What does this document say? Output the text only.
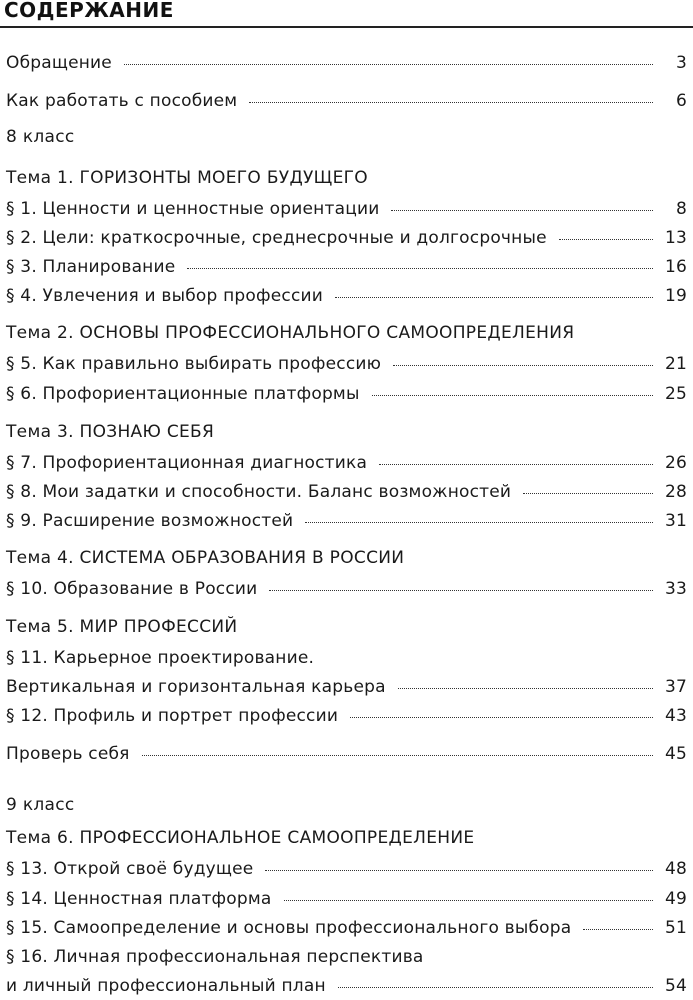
СОДЕРЖАНИЕ
Обращение	3
Как работать с пособием	6
8 класс
Тема 1. ГОРИЗОНТЫ МОЕГО БУДУЩЕГО
§ 1. Ценности и ценностные ориентации	8
§ 2. Цели: краткосрочные, среднесрочные и долгосрочные	13
§ 3. Планирование	16
§ 4. Увлечения и выбор профессии	19
Тема 2. ОСНОВЫ ПРОФЕССИОНАЛЬНОГО САМООПРЕДЕЛЕНИЯ
§ 5. Как правильно выбирать профессию	21
§ 6. Профориентационные платформы	25
Тема 3. ПОЗНАЮ СЕБЯ
§ 7. Профориентационная диагностика	26
§ 8. Мои задатки и способности. Баланс возможностей	28
§ 9. Расширение возможностей	31
Тема 4. СИСТЕМА ОБРАЗОВАНИЯ В РОССИИ
§ 10. Образование в России	33
Тема 5. МИР ПРОФЕССИЙ
§ 11. Карьерное проектирование.
Вертикальная и горизонтальная карьера	37
§ 12. Профиль и портрет профессии	43
Проверь себя	45
9 класс
Тема 6. ПРОФЕССИОНАЛЬНОЕ САМООПРЕДЕЛЕНИЕ
§ 13. Открой своё будущее	48
§ 14. Ценностная платформа	49
§ 15. Самоопределение и основы профессионального выбора	51
§ 16. Личная профессиональная перспектива
и личный профессиональный план	54
